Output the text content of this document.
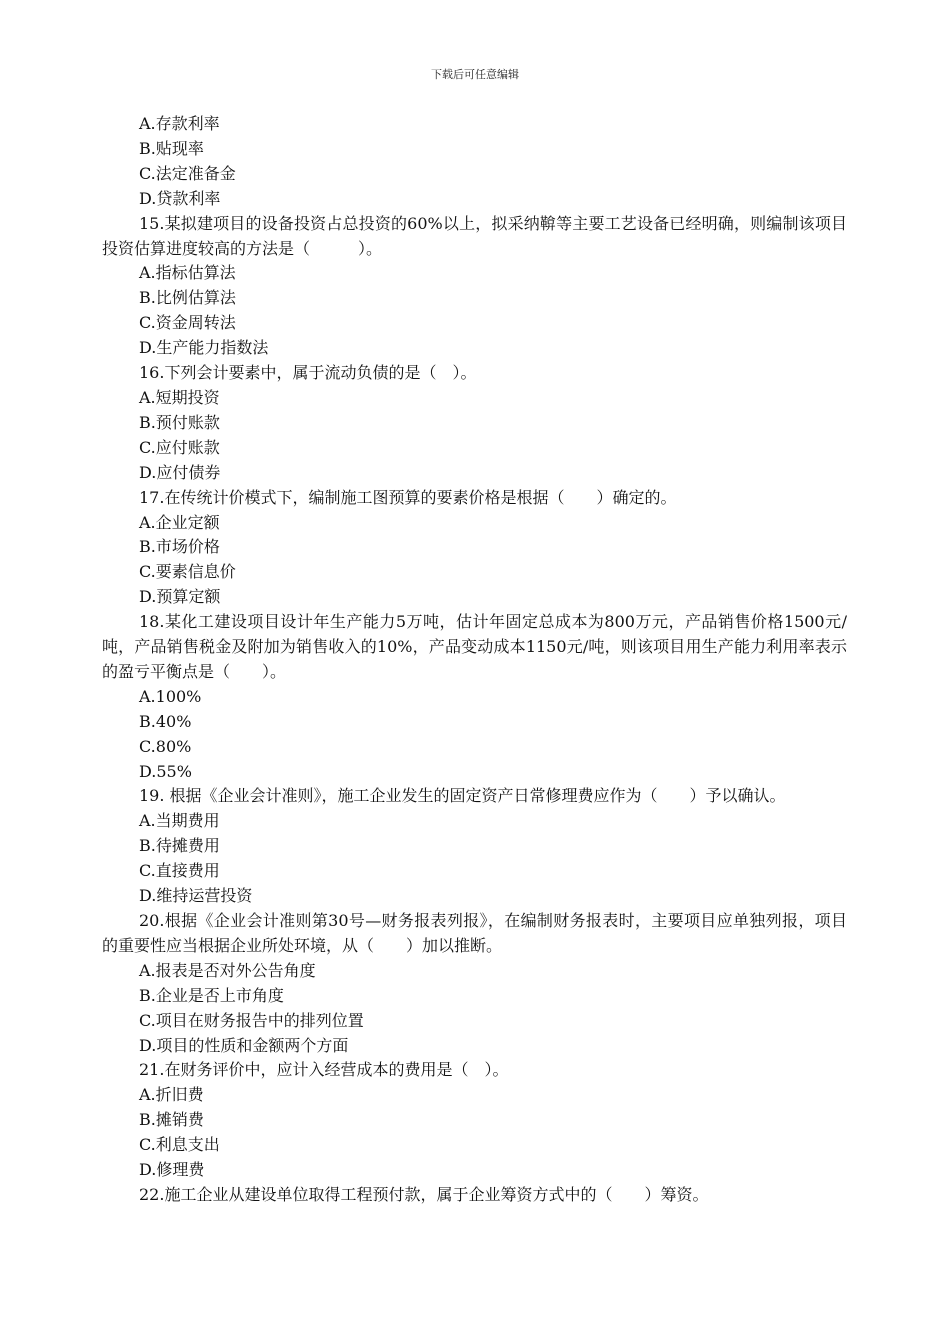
下载后可任意编辑

A.存款利率

B.贴现率

C.法定准备金

D.贷款利率

15.某拟建项目的设备投资占总投资的60%以上，拟采纳鞥等主要工艺设备已经明确，则编制该项目投资估算进度较高的方法是（　　　）。

A.指标估算法

B.比例估算法

C.资金周转法

D.生产能力指数法

16.下列会计要素中，属于流动负债的是（　）。

A.短期投资

B.预付账款

C.应付账款

D.应付债券

17.在传统计价模式下，编制施工图预算的要素价格是根据（　　）确定的。

A.企业定额

B.市场价格

C.要素信息价

D.预算定额

18.某化工建设项目设计年生产能力5万吨，估计年固定总成本为800万元，产品销售价格1500元/吨，产品销售税金及附加为销售收入的10%，产品变动成本1150元/吨，则该项目用生产能力利用率表示的盈亏平衡点是（　　）。

A.100%

B.40%

C.80%

D.55%

19. 根据《企业会计准则》，施工企业发生的固定资产日常修理费应作为（　　）予以确认。

A.当期费用

B.待摊费用

C.直接费用

D.维持运营投资

20.根据《企业会计准则第30号—财务报表列报》，在编制财务报表时，主要项目应单独列报，项目的重要性应当根据企业所处环境，从（　　）加以推断。

A.报表是否对外公告角度

B.企业是否上市角度

C.项目在财务报告中的排列位置

D.项目的性质和金额两个方面

21.在财务评价中，应计入经营成本的费用是（　）。

A.折旧费

B.摊销费

C.利息支出

D.修理费

22.施工企业从建设单位取得工程预付款，属于企业筹资方式中的（　　）筹资。
